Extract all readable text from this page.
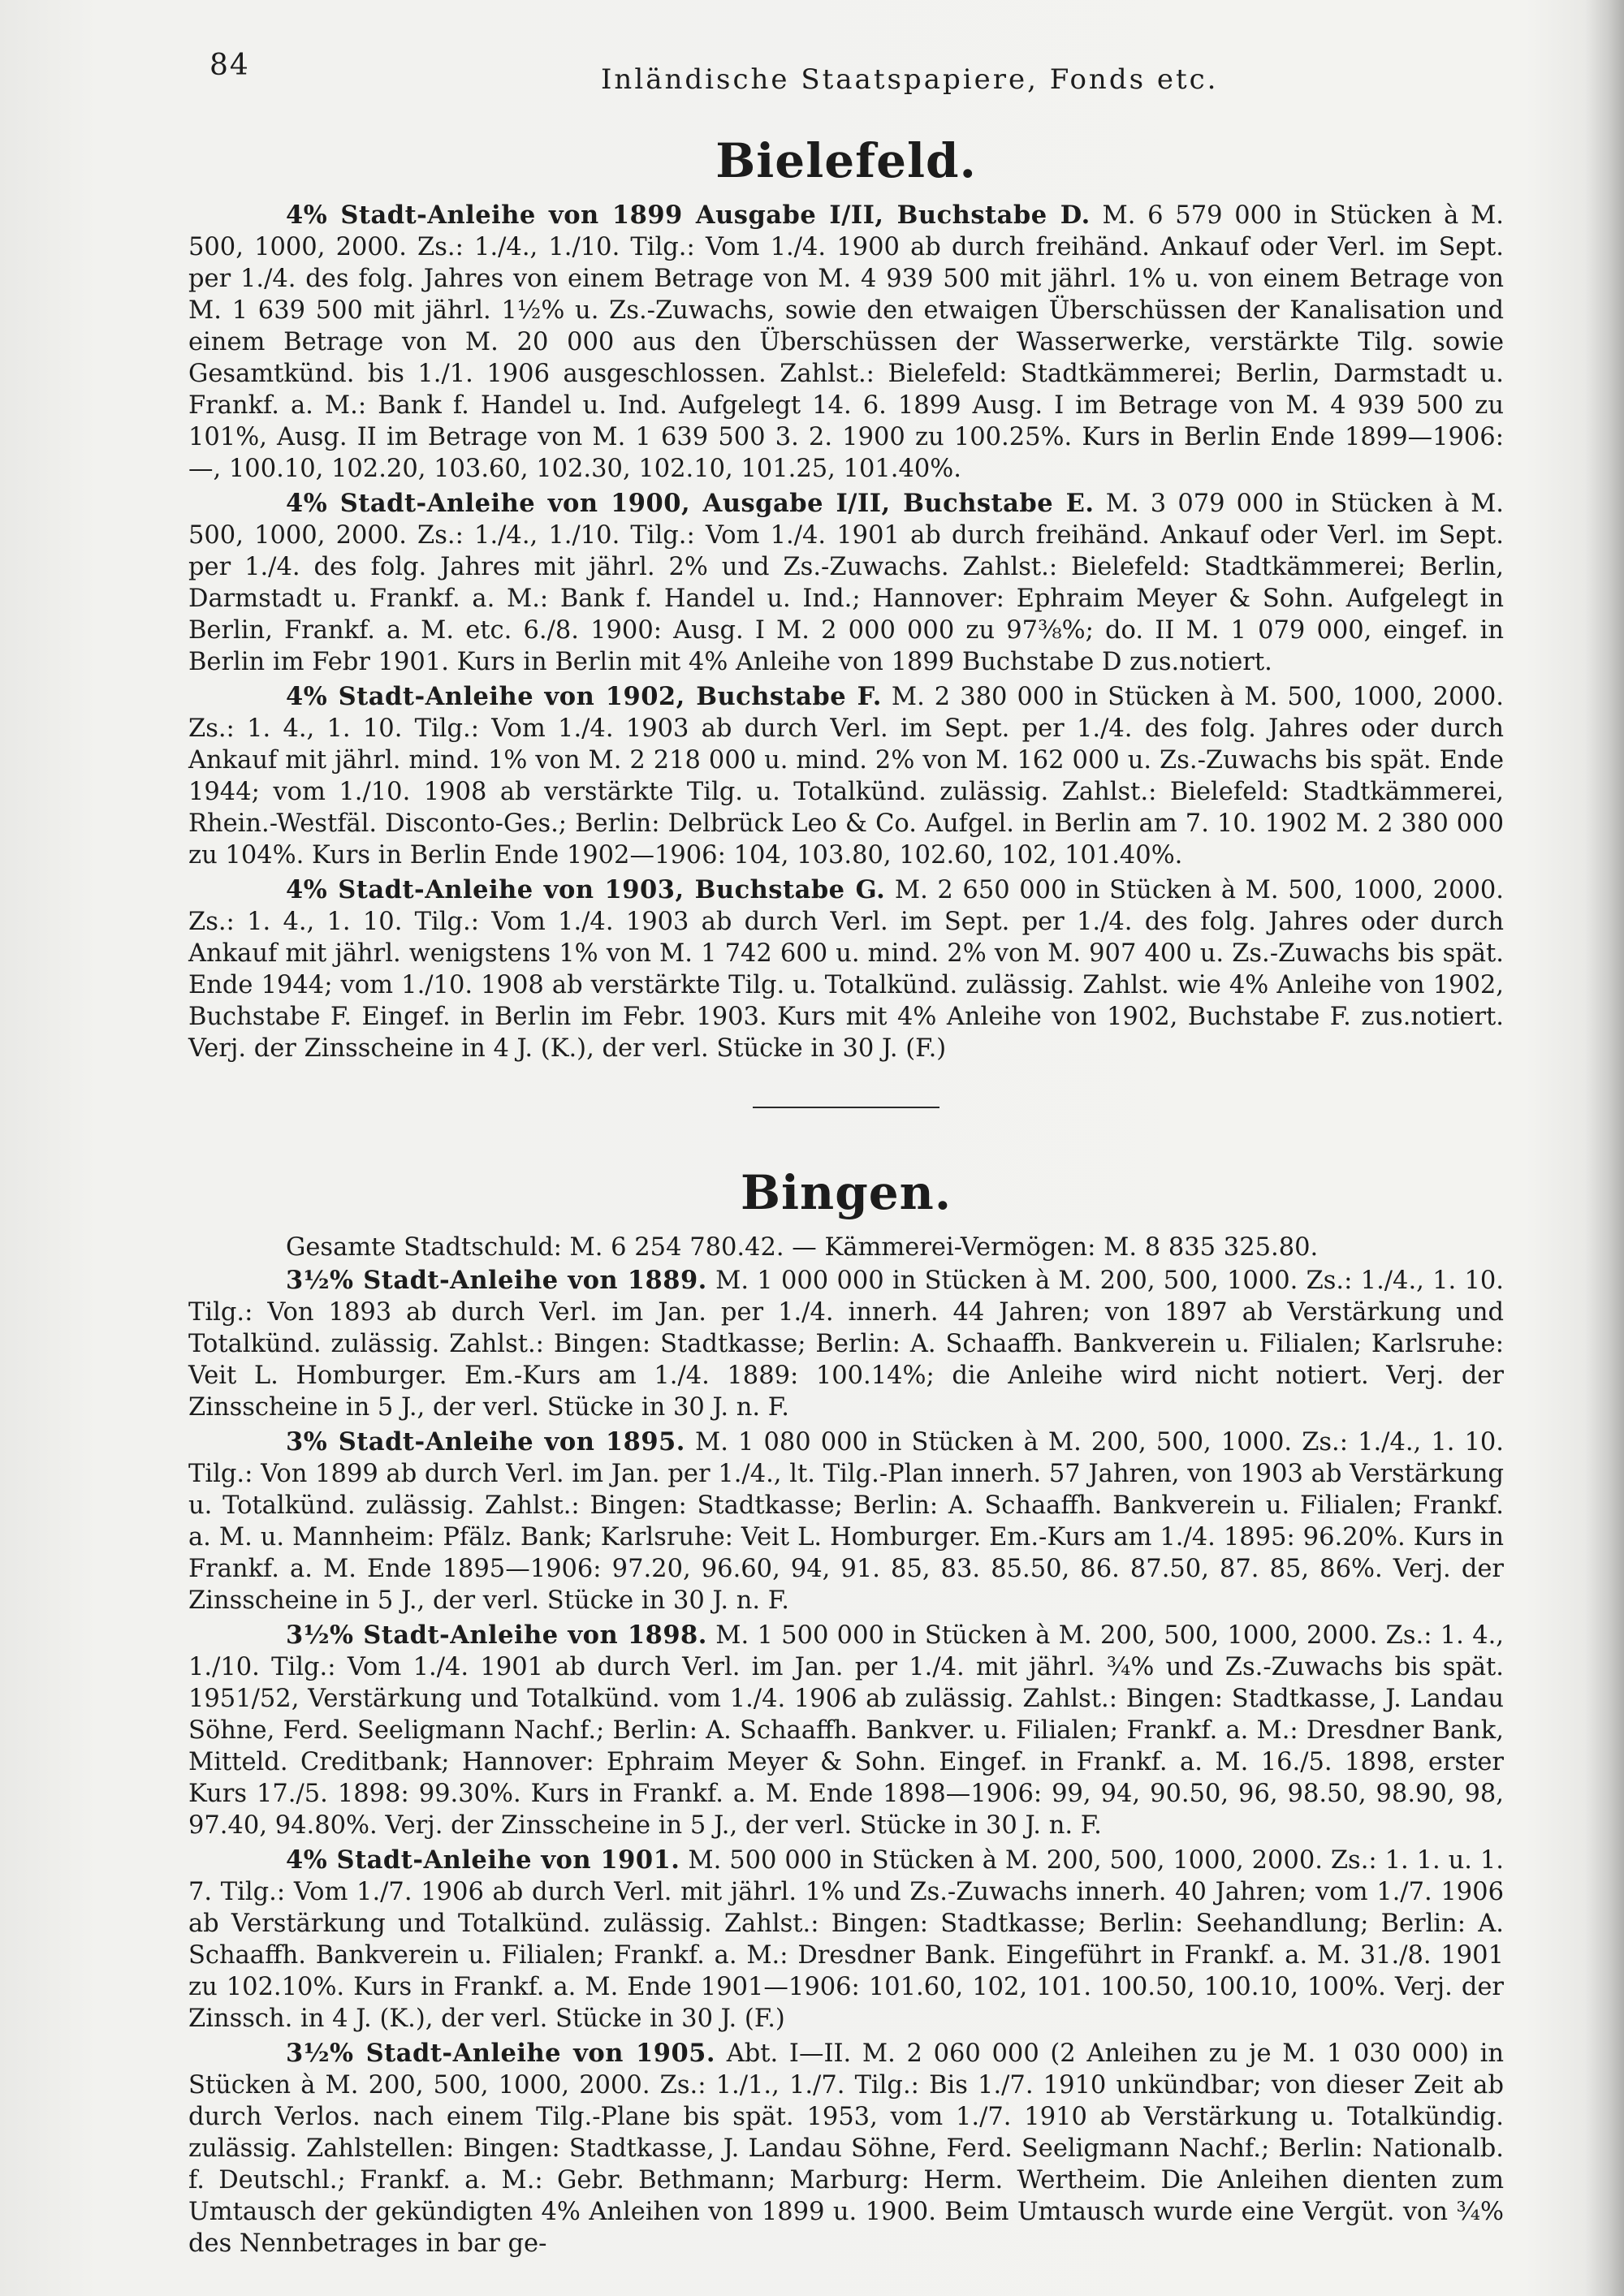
84	Inländische Staatspapiere, Fonds etc.
Bielefeld.

4% Stadt-Anleihe von 1899 Ausgabe I/II, Buchstabe D. M. 6 579 000 in Stücken à M. 500, 1000, 2000. Zs.: 1./4., 1./10. Tilg.: Vom 1./4. 1900 ab durch freihänd. Ankauf oder Verl. im Sept. per 1./4. des folg. Jahres von einem Betrage von M. 4 939 500 mit jährl. 1% u. von einem Betrage von M. 1 639 500 mit jährl. 1½% u. Zs.-Zuwachs, sowie den etwaigen Überschüssen der Kanalisation und einem Betrage von M. 20 000 aus den Überschüssen der Wasserwerke, verstärkte Tilg. sowie Gesamtkünd. bis 1./1. 1906 ausgeschlossen. Zahlst.: Bielefeld: Stadtkämmerei; Berlin, Darmstadt u. Frankf. a. M.: Bank f. Handel u. Ind. Aufgelegt 14. 6. 1899 Ausg. I im Betrage von M. 4 939 500 zu 101%, Ausg. II im Betrage von M. 1 639 500 3. 2. 1900 zu 100.25%. Kurs in Berlin Ende 1899—1906: —, 100.10, 102.20, 103.60, 102.30, 102.10, 101.25, 101.40%.

4% Stadt-Anleihe von 1900, Ausgabe I/II, Buchstabe E. M. 3 079 000 in Stücken à M. 500, 1000, 2000. Zs.: 1./4., 1./10. Tilg.: Vom 1./4. 1901 ab durch freihänd. Ankauf oder Verl. im Sept. per 1./4. des folg. Jahres mit jährl. 2% und Zs.-Zuwachs. Zahlst.: Bielefeld: Stadtkämmerei; Berlin, Darmstadt u. Frankf. a. M.: Bank f. Handel u. Ind.; Hannover: Ephraim Meyer & Sohn. Aufgelegt in Berlin, Frankf. a. M. etc. 6./8. 1900: Ausg. I M. 2 000 000 zu 97⅜%; do. II M. 1 079 000, eingef. in Berlin im Febr 1901. Kurs in Berlin mit 4% Anleihe von 1899 Buchstabe D zus.notiert.

4% Stadt-Anleihe von 1902, Buchstabe F. M. 2 380 000 in Stücken à M. 500, 1000, 2000. Zs.: 1. 4., 1. 10. Tilg.: Vom 1./4. 1903 ab durch Verl. im Sept. per 1./4. des folg. Jahres oder durch Ankauf mit jährl. mind. 1% von M. 2 218 000 u. mind. 2% von M. 162 000 u. Zs.-Zuwachs bis spät. Ende 1944; vom 1./10. 1908 ab verstärkte Tilg. u. Totalkünd. zulässig. Zahlst.: Bielefeld: Stadtkämmerei, Rhein.-Westfäl. Disconto-Ges.; Berlin: Delbrück Leo & Co. Aufgel. in Berlin am 7. 10. 1902 M. 2 380 000 zu 104%. Kurs in Berlin Ende 1902—1906: 104, 103.80, 102.60, 102, 101.40%.

4% Stadt-Anleihe von 1903, Buchstabe G. M. 2 650 000 in Stücken à M. 500, 1000, 2000. Zs.: 1. 4., 1. 10. Tilg.: Vom 1./4. 1903 ab durch Verl. im Sept. per 1./4. des folg. Jahres oder durch Ankauf mit jährl. wenigstens 1% von M. 1 742 600 u. mind. 2% von M. 907 400 u. Zs.-Zuwachs bis spät. Ende 1944; vom 1./10. 1908 ab verstärkte Tilg. u. Totalkünd. zulässig. Zahlst. wie 4% Anleihe von 1902, Buchstabe F. Eingef. in Berlin im Febr. 1903. Kurs mit 4% Anleihe von 1902, Buchstabe F. zus.notiert. Verj. der Zinsscheine in 4 J. (K.), der verl. Stücke in 30 J. (F.)

Bingen.

Gesamte Stadtschuld: M. 6 254 780.42. — Kämmerei-Vermögen: M. 8 835 325.80.

3½% Stadt-Anleihe von 1889. M. 1 000 000 in Stücken à M. 200, 500, 1000. Zs.: 1./4., 1. 10. Tilg.: Von 1893 ab durch Verl. im Jan. per 1./4. innerh. 44 Jahren; von 1897 ab Verstärkung und Totalkünd. zulässig. Zahlst.: Bingen: Stadtkasse; Berlin: A. Schaaffh. Bankverein u. Filialen; Karlsruhe: Veit L. Homburger. Em.-Kurs am 1./4. 1889: 100.14%; die Anleihe wird nicht notiert. Verj. der Zinsscheine in 5 J., der verl. Stücke in 30 J. n. F.

3% Stadt-Anleihe von 1895. M. 1 080 000 in Stücken à M. 200, 500, 1000. Zs.: 1./4., 1. 10. Tilg.: Von 1899 ab durch Verl. im Jan. per 1./4., lt. Tilg.-Plan innerh. 57 Jahren, von 1903 ab Verstärkung u. Totalkünd. zulässig. Zahlst.: Bingen: Stadtkasse; Berlin: A. Schaaffh. Bankverein u. Filialen; Frankf. a. M. u. Mannheim: Pfälz. Bank; Karlsruhe: Veit L. Homburger. Em.-Kurs am 1./4. 1895: 96.20%. Kurs in Frankf. a. M. Ende 1895—1906: 97.20, 96.60, 94, 91. 85, 83. 85.50, 86. 87.50, 87. 85, 86%. Verj. der Zinsscheine in 5 J., der verl. Stücke in 30 J. n. F.

3½% Stadt-Anleihe von 1898. M. 1 500 000 in Stücken à M. 200, 500, 1000, 2000. Zs.: 1. 4., 1./10. Tilg.: Vom 1./4. 1901 ab durch Verl. im Jan. per 1./4. mit jährl. ¾% und Zs.-Zuwachs bis spät. 1951/52, Verstärkung und Totalkünd. vom 1./4. 1906 ab zulässig. Zahlst.: Bingen: Stadtkasse, J. Landau Söhne, Ferd. Seeligmann Nachf.; Berlin: A. Schaaffh. Bankver. u. Filialen; Frankf. a. M.: Dresdner Bank, Mitteld. Creditbank; Hannover: Ephraim Meyer & Sohn. Eingef. in Frankf. a. M. 16./5. 1898, erster Kurs 17./5. 1898: 99.30%. Kurs in Frankf. a. M. Ende 1898—1906: 99, 94, 90.50, 96, 98.50, 98.90, 98, 97.40, 94.80%. Verj. der Zinsscheine in 5 J., der verl. Stücke in 30 J. n. F.

4% Stadt-Anleihe von 1901. M. 500 000 in Stücken à M. 200, 500, 1000, 2000. Zs.: 1. 1. u. 1. 7. Tilg.: Vom 1./7. 1906 ab durch Verl. mit jährl. 1% und Zs.-Zuwachs innerh. 40 Jahren; vom 1./7. 1906 ab Verstärkung und Totalkünd. zulässig. Zahlst.: Bingen: Stadtkasse; Berlin: Seehandlung; Berlin: A. Schaaffh. Bankverein u. Filialen; Frankf. a. M.: Dresdner Bank. Eingeführt in Frankf. a. M. 31./8. 1901 zu 102.10%. Kurs in Frankf. a. M. Ende 1901—1906: 101.60, 102, 101. 100.50, 100.10, 100%. Verj. der Zinssch. in 4 J. (K.), der verl. Stücke in 30 J. (F.)

3½% Stadt-Anleihe von 1905. Abt. I—II. M. 2 060 000 (2 Anleihen zu je M. 1 030 000) in Stücken à M. 200, 500, 1000, 2000. Zs.: 1./1., 1./7. Tilg.: Bis 1./7. 1910 unkündbar; von dieser Zeit ab durch Verlos. nach einem Tilg.-Plane bis spät. 1953, vom 1./7. 1910 ab Verstärkung u. Totalkündig. zulässig. Zahlstellen: Bingen: Stadtkasse, J. Landau Söhne, Ferd. Seeligmann Nachf.; Berlin: Nationalb. f. Deutschl.; Frankf. a. M.: Gebr. Bethmann; Marburg: Herm. Wertheim. Die Anleihen dienten zum Umtausch der gekündigten 4% Anleihen von 1899 u. 1900. Beim Umtausch wurde eine Vergüt. von ¾% des Nennbetrages in bar ge-
